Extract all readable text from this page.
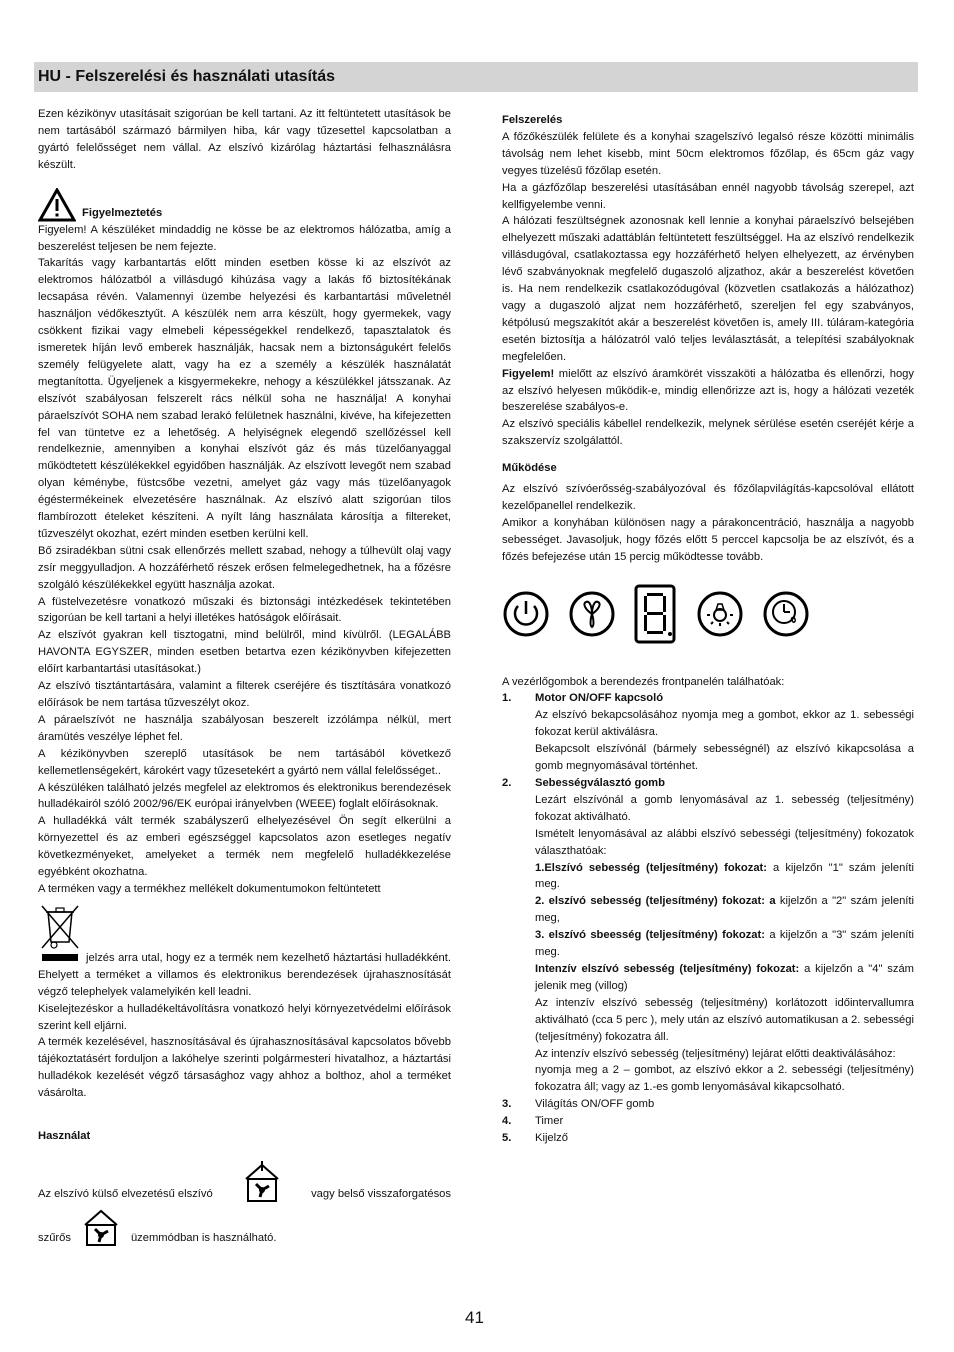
HU - Felszerelési és használati utasítás

Ezen kézikönyv utasításait szigorúan be kell tartani. Az itt feltüntetett utasítások be nem tartásából származó bármilyen hiba, kár vagy tűzesettel kapcsolatban a gyártó felelősséget nem vállal. Az elszívó kizárólag háztartási felhasználásra készült.

Figyelmeztetés

Figyelem! A készüléket mindaddig ne kösse be az elektromos hálózatba, amíg a beszerelést teljesen be nem fejezte.

Takarítás vagy karbantartás előtt minden esetben kösse ki az elszívót az elektromos hálózatból a villásdugó kihúzása vagy a lakás fő biztosítékának lecsapása révén. Valamennyi üzembe helyezési és karbantartási műveletnél használjon védőkesztyűt. A készülék nem arra készült, hogy gyermekek, vagy csökkent fizikai vagy elmebeli képességekkel rendelkező, tapasztalatok és ismeretek híján levő emberek használják, hacsak nem a biztonságukért felelős személy felügyelete alatt, vagy ha ez a személy a készülék használatát megtanította. Ügyeljenek a kisgyermekekre, nehogy a készülékkel játsszanak. Az elszívót szabályosan felszerelt rács nélkül soha ne használja! A konyhai páraelszívót SOHA nem szabad lerakó felületnek használni, kivéve, ha kifejezetten fel van tüntetve ez a lehetőség. A helyiségnek elegendő szellőzéssel kell rendelkeznie, amennyiben a konyhai elszívót gáz és más tüzelőanyaggal működtetett készülékekkel egyidőben használják. Az elszívott levegőt nem szabad olyan kéménybe, füstcsőbe vezetni, amelyet gáz vagy más tüzelőanyagok égéstermékeinek elvezetésére használnak. Az elszívó alatt szigorúan tilos flambírozott ételeket készíteni. A nyílt láng használata károsítja a filtereket, tűzveszélyt okozhat, ezért minden esetben kerülni kell.

Bő zsiradékban sütni csak ellenőrzés mellett szabad, nehogy a túlhevült olaj vagy zsír meggyulladjon. A hozzáférhető részek erősen felmelegedhetnek, ha a főzésre szolgáló készülékekkel együtt használja azokat.

A füstelvezetésre vonatkozó műszaki és biztonsági intézkedések tekintetében szigorúan be kell tartani a helyi illetékes hatóságok előírásait.

Az elszívót gyakran kell tisztogatni, mind belülről, mind kívülről. (LEGALÁBB HAVONTA EGYSZER, minden esetben betartva ezen kézikönyvben kifejezetten előírt karbantartási utasításokat.)

Az elszívó tisztántartására, valamint a filterek cseréjére és tisztítására vonatkozó előírások be nem tartása tűzveszélyt okoz.

A páraelszívót ne használja szabályosan beszerelt izzólámpa nélkül, mert áramütés veszélye léphet fel.

A kézikönyvben szereplő utasítások be nem tartásából következő kellemetlenségekért, károkért vagy tűzesetekért a gyártó nem vállal felelősséget..

A készüléken található jelzés megfelel az elektromos és elektronikus berendezések hulladékairól szóló 2002/96/EK európai irányelvben (WEEE) foglalt előírásoknak.

A hulladékká vált termék szabályszerű elhelyezésével Ön segít elkerülni a környezettel és az emberi egészséggel kapcsolatos azon esetleges negatív következményeket, amelyeket a termék nem megfelelő hulladékkezelése egyébként okozhatna.

A terméken vagy a termékhez mellékelt dokumentumokon feltüntetett

jelzés arra utal, hogy ez a termék nem kezelhető háztartási hulladékként. Ehelyett a terméket a villamos és elektronikus berendezések újrahasznosítását végző telephelyek valamelyikén kell leadni.

Kiselejtezéskor a hulladékeltávolításra vonatkozó helyi környezetvédelmi előírások szerint kell eljárni.

A termék kezelésével, hasznosításával és újrahasznosításával kapcsolatos bővebb tájékoztatásért forduljon a lakóhelye szerinti polgármesteri hivatalhoz, a háztartási hulladékok kezelését végző társasághoz vagy ahhoz a bolthoz, ahol a terméket vásárolta.

Használat

Az elszívó külső elvezetésű elszívó	vagy belső visszaforgatésos
szűrős	üzemmódban is használható.

Felszerelés

A főzőkészülék felülete és a konyhai szagelszívó legalsó része közötti minimális távolság nem lehet kisebb, mint 50cm elektromos főzőlap, és 65cm gáz vagy vegyes tüzelésű főzőlap esetén.

Ha a gázfőzőlap beszerelési utasításában ennél nagyobb távolság szerepel, azt kellfigyelembe venni.

A hálózati feszültségnek azonosnak kell lennie a konyhai páraelszívó belsejében elhelyezett műszaki adattáblán feltüntetett feszültséggel. Ha az elszívó rendelkezik villásdugóval, csatlakoztassa egy hozzáférhető helyen elhelyezett, az érvényben lévő szabványoknak megfelelő dugaszoló aljzathoz, akár a beszerelést követően is. Ha nem rendelkezik csatlakozódugóval (közvetlen csatlakozás a hálózathoz) vagy a dugaszoló aljzat nem hozzáférhető, szereljen fel egy szabványos, kétpólusú megszakítót akár a beszerelést követően is, amely III. túláram-kategória esetén biztosítja a hálózatról való teljes leválasztását, a telepítési szabályoknak megfelelően.

Figyelem! mielőtt az elszívó áramkörét visszaköti a hálózatba és ellenőrzi, hogy az elszívó helyesen működik-e, mindig ellenőrizze azt is, hogy a hálózati vezeték beszerelése szabályos-e.

Az elszívó speciális kábellel rendelkezik, melynek sérülése esetén cseréjét kérje a szakszervíz szolgálattól.

Működése

Az elszívó szívóerősség-szabályozóval és főzőlapvilágítás-kapcsolóval ellátott kezelőpanellel rendelkezik.

Amikor a konyhában különösen nagy a párakoncentráció, használja a nagyobb sebességet. Javasoljuk, hogy főzés előtt 5 perccel kapcsolja be az elszívót, és a főzés befejezése után 15 percig működtesse tovább.

A vezérlőgombok a berendezés frontpanelén találhatóak:

1.	Motor ON/OFF kapcsoló

Az elszívó bekapcsolásához nyomja meg a gombot, ekkor az 1. sebességi fokozat kerül aktiválásra.

Bekapcsolt elszívónál (bármely sebességnél) az elszívó kikapcsolása a gomb megnyomásával történhet.

2.	Sebességválasztó gomb

Lezárt elszívónál a gomb lenyomásával az 1. sebesség (teljesítmény) fokozat aktiválható.

Ismételt lenyomásával az alábbi elszívó sebességi (teljesítmény) fokozatok választhatóak:

1.Elszívó sebesség (teljesítmény) fokozat: a kijelzőn "1" szám jeleníti meg.

2. elszívó sebesség (teljesítmény) fokozat: a kijelzőn a "2" szám jeleníti meg,

3. elszívó sbeesség (teljesítmény) fokozat: a kijelzőn a "3" szám jeleníti meg.

Intenzív elszívó sebesség (teljesítmény) fokozat: a kijelzőn a "4" szám jelenik meg (villog)

Az intenzív elszívó sebesség (teljesítmény) korlátozott időintervallumra aktiválható (cca 5 perc ), mely után az elszívó automatikusan a 2. sebességi (teljesítmény) fokozatra áll.

Az intenzív elszívó sebesség (teljesítmény) lejárat előtti deaktiválásához:

nyomja meg a 2 – gombot, az elszívó ekkor a 2. sebességi (teljesítmény) fokozatra áll; vagy az 1.-es gomb lenyomásával kikapcsolható.

3.	Világítás ON/OFF gomb
4.	Timer
5.	Kijelző
41
